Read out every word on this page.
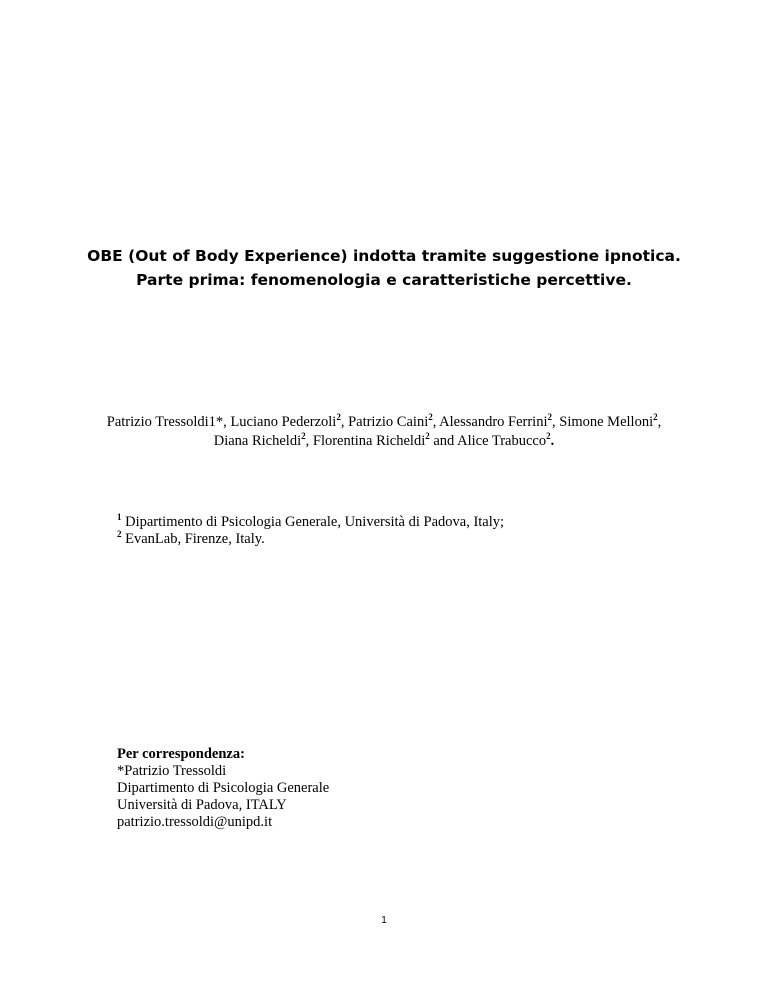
OBE (Out of Body Experience) indotta tramite suggestione ipnotica.
Parte prima: fenomenologia e caratteristiche percettive.
Patrizio Tressoldi1*, Luciano Pederzoli$^2$, Patrizio Caini$^2$, Alessandro Ferrini$^2$, Simone Melloni$^2$,
Diana Richeldi$^2$, Florentina Richeldi$^2$ and Alice Trabucco$^2$.
$^1$ Dipartimento di Psicologia Generale, Università di Padova, Italy;
$^2$ EvanLab, Firenze, Italy.
Per correspondenza:
*Patrizio Tressoldi
Dipartimento di Psicologia Generale
Università di Padova, ITALY
patrizio.tressoldi@unipd.it
1
